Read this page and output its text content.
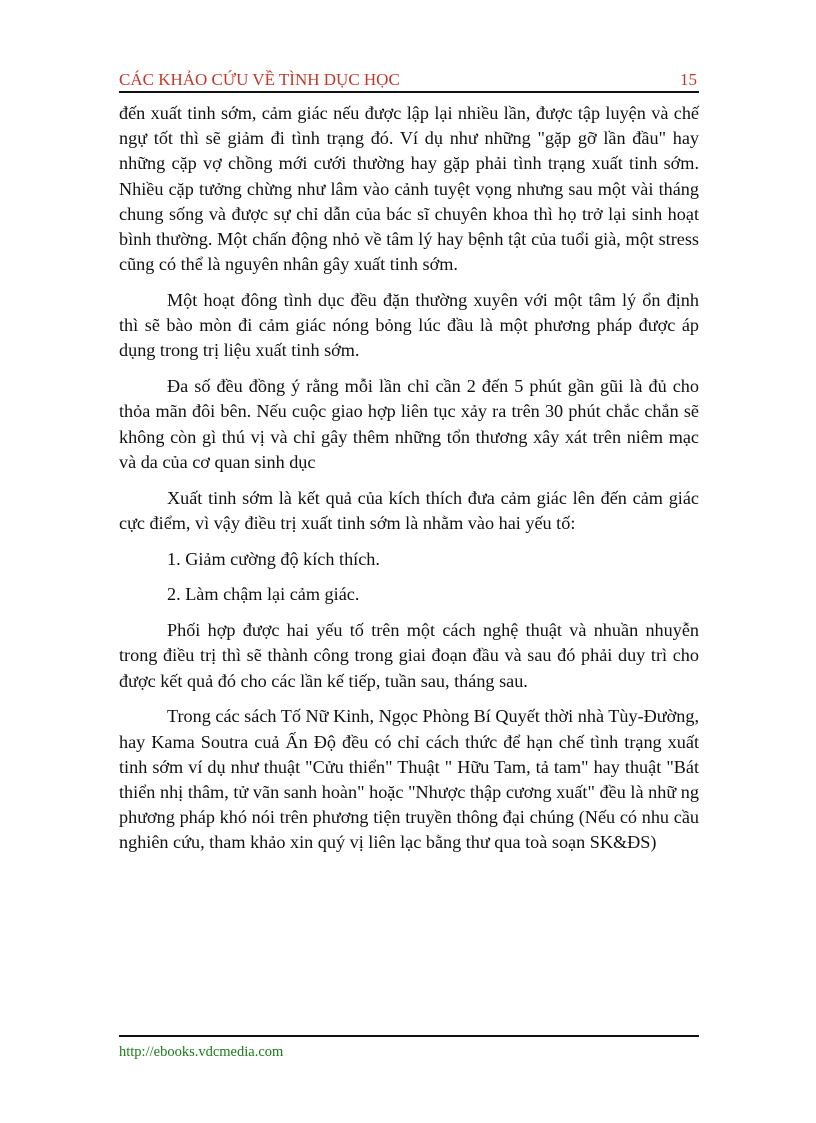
CÁC KHẢO CỨU VỀ TÌNH DỤC HỌC	15

đến xuất tinh sớm, cảm giác nếu được lập lại nhiều lần, được tập luyện và chế ngự tốt thì sẽ giảm đi tình trạng đó. Ví dụ như những "gặp gỡ lần đầu" hay những cặp vợ chồng mới cưới thường hay gặp phải tình trạng xuất tinh sớm. Nhiều cặp tưởng chừng như lâm vào cảnh tuyệt vọng nhưng sau một vài tháng chung sống và được sự chỉ dẫn của bác sĩ chuyên khoa thì họ trở lại sinh hoạt bình thường. Một chấn động nhỏ về tâm lý hay bệnh tật của tuổi già, một stress cũng có thể là nguyên nhân gây xuất tinh sớm.

Một hoạt đông tình dục đều đặn thường xuyên với một tâm lý ổn định thì sẽ bào mòn đi cảm giác nóng bỏng lúc đầu là một phương pháp được áp dụng trong trị liệu xuất tinh sớm.

Đa số đều đồng ý rằng mỗi lần chỉ cần 2 đến 5 phút gần gũi là đủ cho thỏa mãn đôi bên. Nếu cuộc giao hợp liên tục xảy ra trên 30 phút chắc chắn sẽ không còn gì thú vị và chỉ gây thêm những tổn thương xây xát trên niêm mạc và da của cơ quan sinh dục

Xuất tinh sớm là kết quả của kích thích đưa cảm giác lên đến cảm giác cực điểm, vì vậy điều trị xuất tinh sớm là nhằm vào hai yếu tố:

1. Giảm cường độ kích thích.

2. Làm chậm lại cảm giác.

Phối hợp được hai yếu tố trên một cách nghệ thuật và nhuần nhuyễn trong điều trị thì sẽ thành công trong giai đoạn đầu và sau đó phải duy trì cho được kết quả đó cho các lần kế tiếp, tuần sau, tháng sau.

Trong các sách Tố Nữ Kinh, Ngọc Phòng Bí Quyết thời nhà Tùy-Đường, hay Kama Soutra cuả Ấn Độ đều có chỉ cách thức để hạn chế tình trạng xuất tinh sớm ví dụ như thuật "Cửu thiển" Thuật " Hữu Tam, tả tam" hay thuật "Bát thiển nhị thâm, tử vãn sanh hoàn" hoặc "Nhược thập cương xuất" đều là nhữ ng phương pháp khó nói trên phương tiện truyền thông đại chúng (Nếu có nhu cầu nghiên cứu, tham khảo xin quý vị liên lạc bằng thư qua toà soạn SK&ĐS)

http://ebooks.vdcmedia.com
